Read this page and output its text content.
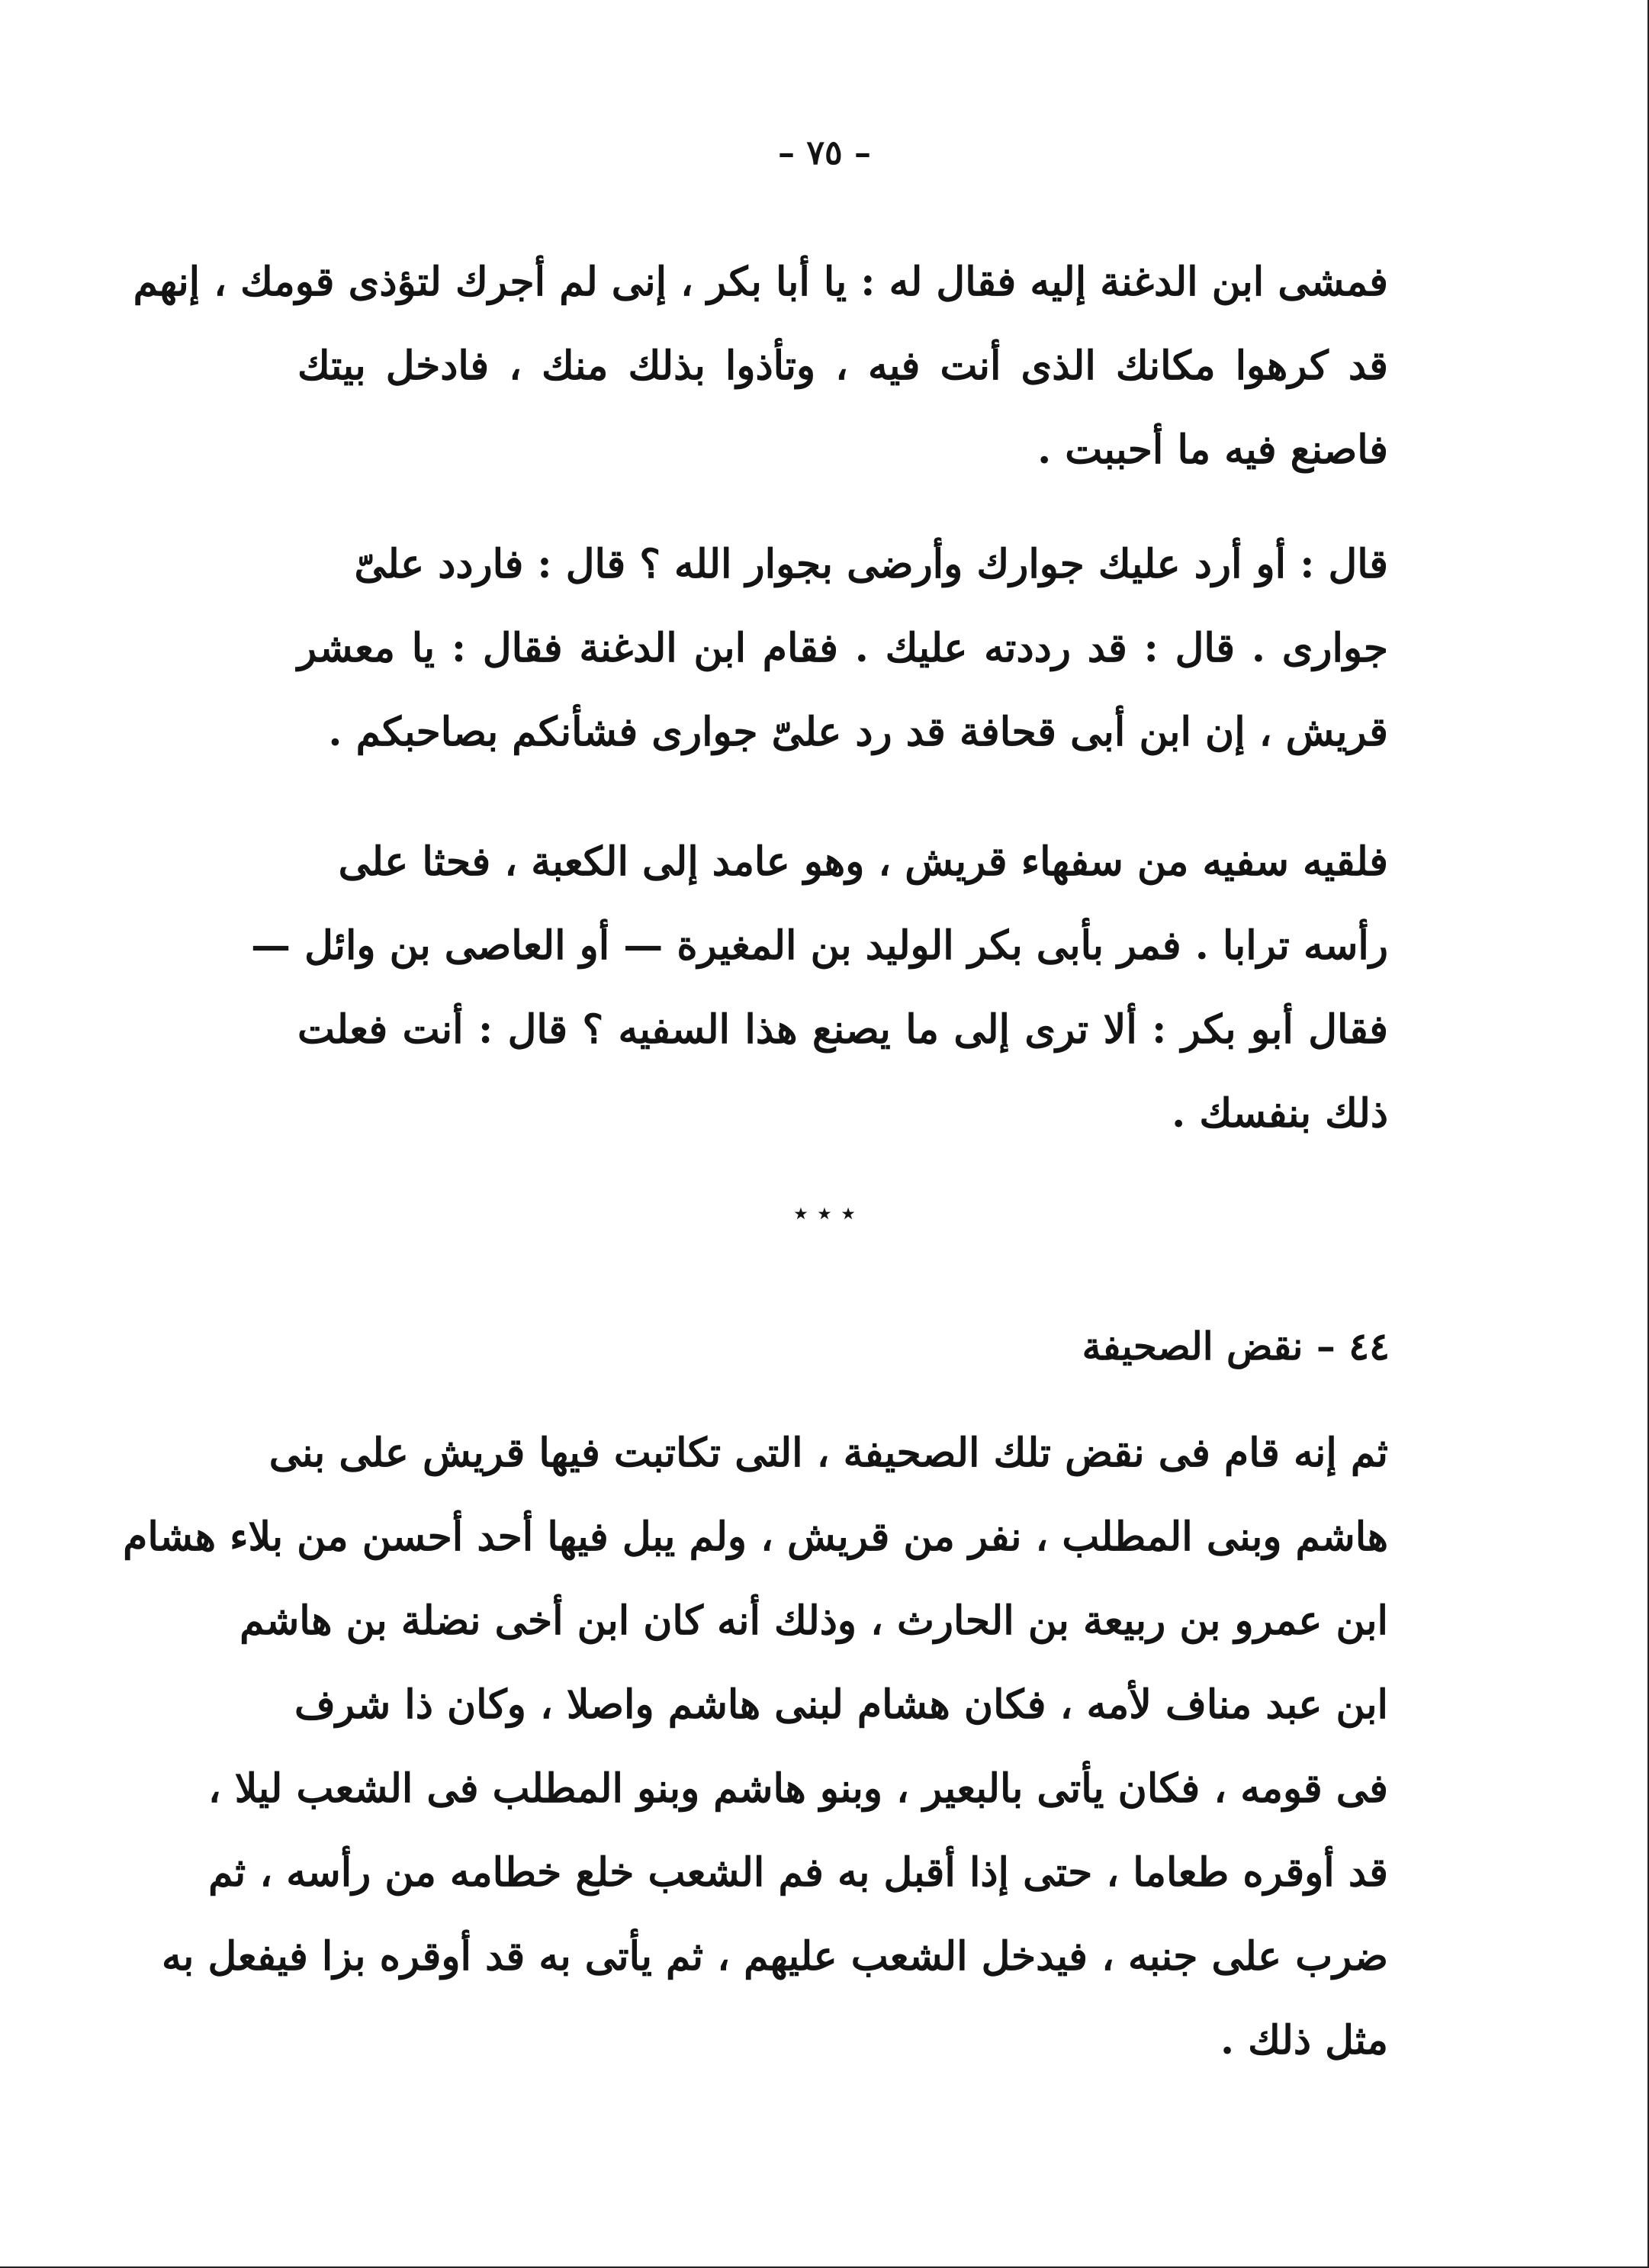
– ٧٥ –
فمشى ابن الدغنة إليه فقال له : يا أبا بكر ، إنى لم أجرك لتؤذى قومك ، إنهم
قد كرهوا مكانك الذى أنت فيه ، وتأذوا بذلك منك ، فادخل بيتك
فاصنع فيه ما أحببت .
قال : أو أرد عليك جوارك وأرضى بجوار الله ؟ قال : فاردد علىّ
جوارى . قال : قد رددته عليك . فقام ابن الدغنة فقال : يا معشر
قريش ، إن ابن أبى قحافة قد رد علىّ جوارى فشأنكم بصاحبكم .
فلقيه سفيه من سفهاء قريش ، وهو عامد إلى الكعبة ، فحثا على
رأسه ترابا . فمر بأبى بكر الوليد بن المغيرة — أو العاصى بن وائل —
فقال أبو بكر : ألا ترى إلى ما يصنع هذا السفيه ؟ قال : أنت فعلت
ذلك بنفسك .
٭ ٭ ٭
٤٤ – نقض الصحيفة
ثم إنه قام فى نقض تلك الصحيفة ، التى تكاتبت فيها قريش على بنى
هاشم وبنى المطلب ، نفر من قريش ، ولم يبل فيها أحد أحسن من بلاء هشام
ابن عمرو بن ربيعة بن الحارث ، وذلك أنه كان ابن أخى نضلة بن هاشم
ابن عبد مناف لأمه ، فكان هشام لبنى هاشم واصلا ، وكان ذا شرف
فى قومه ، فكان يأتى بالبعير ، وبنو هاشم وبنو المطلب فى الشعب ليلا ،
قد أوقره طعاما ، حتى إذا أقبل به فم الشعب خلع خطامه من رأسه ، ثم
ضرب على جنبه ، فيدخل الشعب عليهم ، ثم يأتى به قد أوقره بزا فيفعل به
مثل ذلك .
